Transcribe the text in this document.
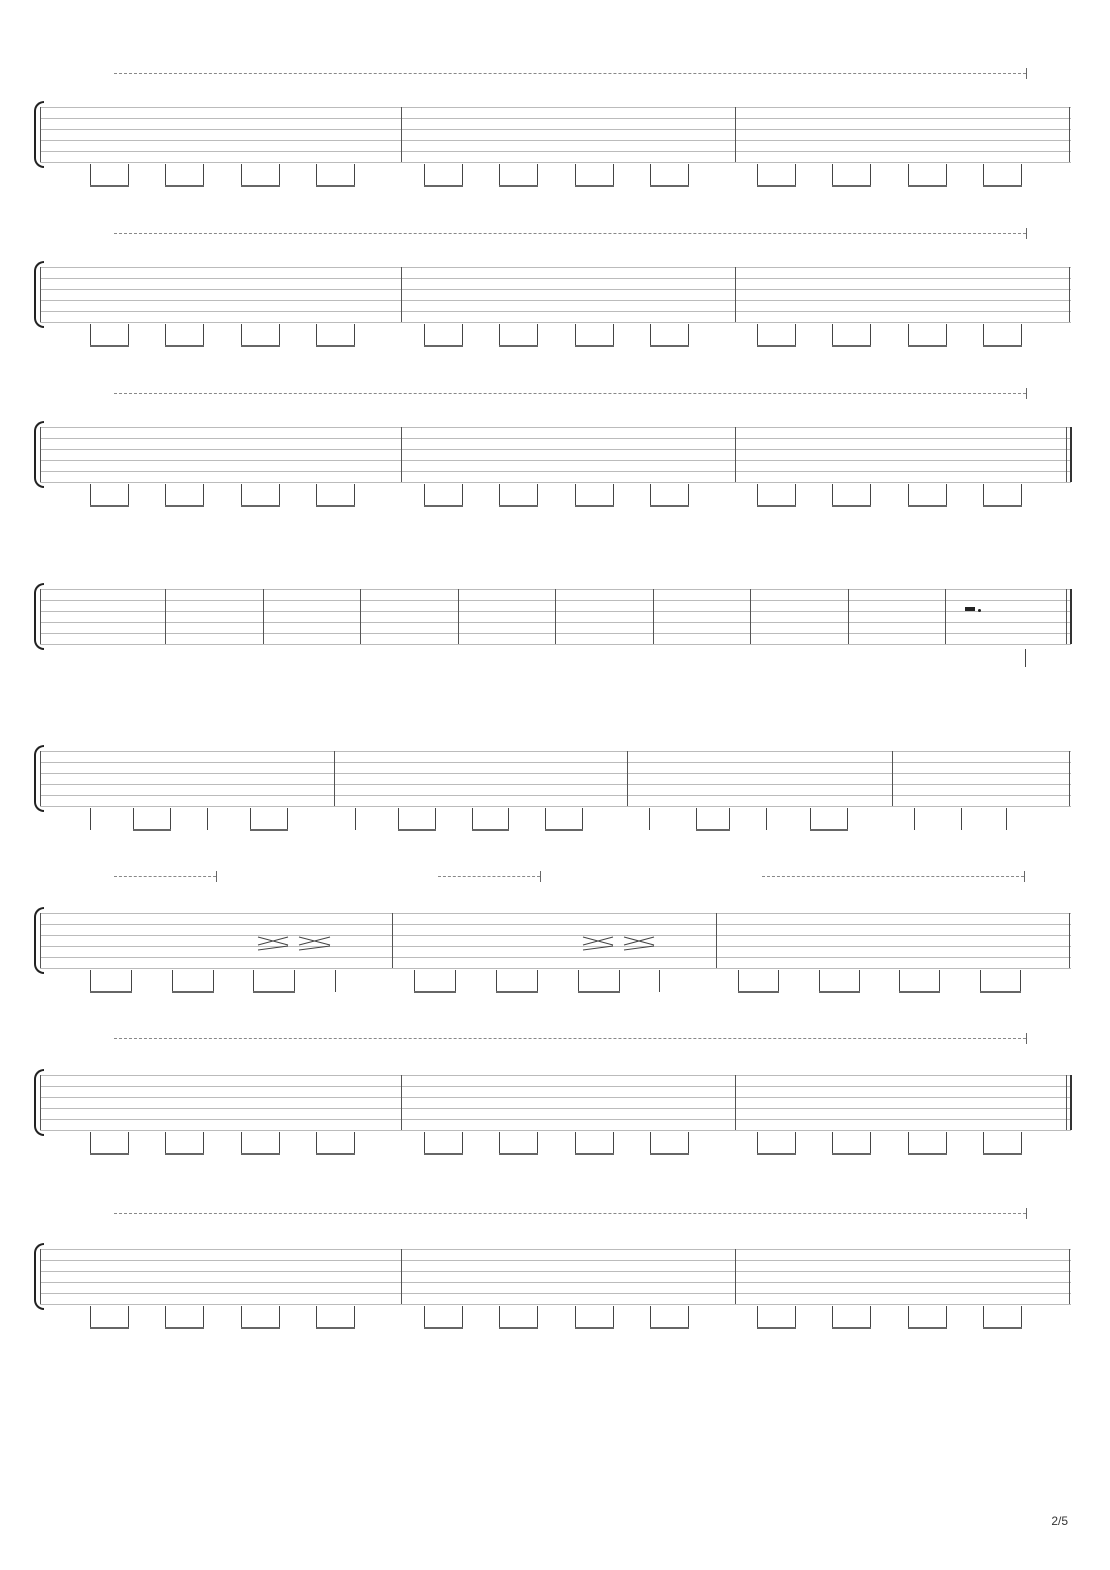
2/5
